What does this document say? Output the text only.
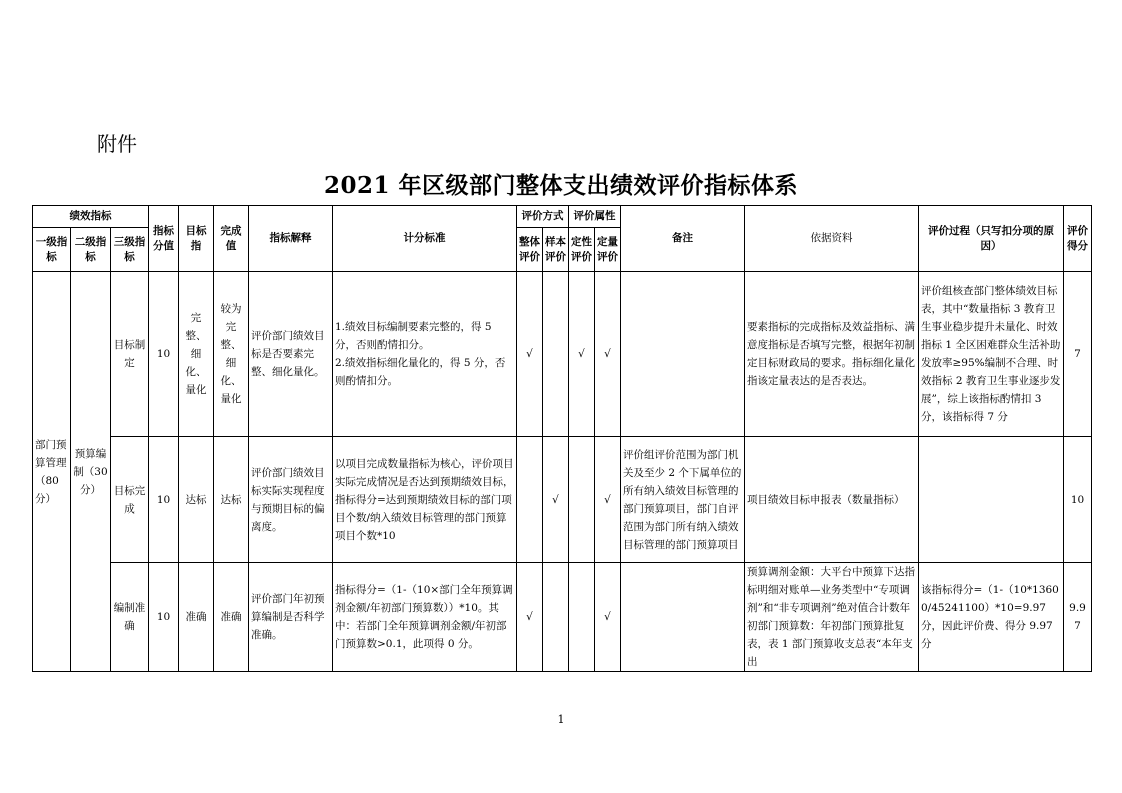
附件
2021 年区级部门整体支出绩效评价指标体系
绩效指标			指标分值	目标指	完成值	指标解释	计分标准	评价方式		评价属性		备注	依据资料	评价过程（只写扣分项的原因）	评价得分
一级指标	二级指标	三级指标						整体评价	样本评价	定性评价	定量评价				

部门预算管理（80分）	预算编制（30分）	目标制定	10	完整、细化、量化	较为完整、细化、量化	评价部门绩效目标是否要素完整、细化量化。	1.绩效目标编制要素完整的，得 5 分，否则酌情扣分。
2.绩效指标细化量化的，得 5 分，否则酌情扣分。	√		√	√		要素指标的完成指标及效益指标、满意度指标是否填写完整，根据年初制定目标财政局的要求。指标细化量化指该定量表达的是否表达。	评价组核查部门整体绩效目标表，其中“数量指标 3 教育卫生事业稳步提升未量化、时效指标 1 全区困难群众生活补助发放率≥95%编制不合理、时效指标 2 教育卫生事业逐步发展”，综上该指标酌情扣 3 分，该指标得 7 分	7
		目标完成	10	达标	达标	评价部门绩效目标实际实现程度与预期目标的偏离度。	以项目完成数量指标为核心，评价项目实际完成情况是否达到预期绩效目标，指标得分=达到预期绩效目标的部门项目个数/纳入绩效目标管理的部门预算项目个数*10		√		√	评价组评价范围为部门机关及至少 2 个下属单位的所有纳入绩效目标管理的部门预算项目，部门自评范围为部门所有纳入绩效目标管理的部门预算项目	项目绩效目标申报表（数量指标）		10
		编制准确	10	准确	准确	评价部门年初预算编制是否科学准确。	指标得分=（1-（10×部门全年预算调剂金额/年初部门预算数））*10。其中：若部门全年预算调剂金额/年初部门预算数>0.1，此项得 0 分。	√			√		预算调剂金额：大平台中预算下达指标明细对账单—业务类型中“专项调剂”和“非专项调剂”绝对值合计数年初部门预算数：年初部门预算批复表，表 1 部门预算收支总表“本年支出	该指标得分=（1-（10*13600/45241100）*10=9.97 分，因此评价费、得分 9.97 分	9.97
1
